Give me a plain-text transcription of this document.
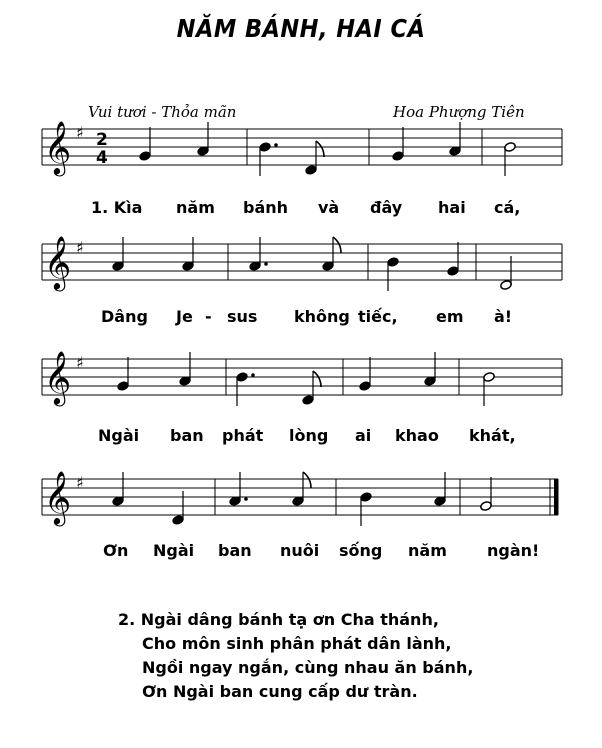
NĂM BÁNH, HAI CÁ
Vui tươi - Thỏa mãn	Hoa Phượng Tiên
𝄞 ♯ 2
4
1. Kìa năm bánh và đây hai cá,
𝄞 ♯
Dâng Je - sus không tiếc, em à!
𝄞 ♯
Ngài ban phát lòng ai khao khát,
𝄞 ♯
Ơn Ngài ban nuôi sống năm	ngàn!
2. Ngài dâng bánh tạ ơn Cha thánh,
Cho môn sinh phân phát dân lành,
Ngồi ngay ngắn, cùng nhau ăn bánh,
Ơn Ngài ban cung cấp dư tràn.
